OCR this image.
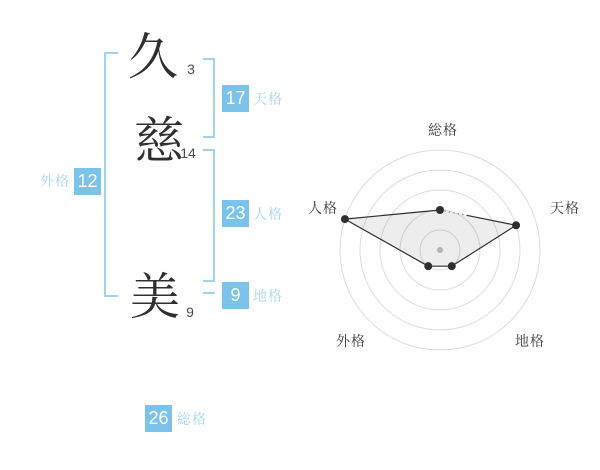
久
慈
美
3
14
9
17 天格
23 人格
9 地格
外格 12
26 総格
総格
天格
地格
外格
人格
